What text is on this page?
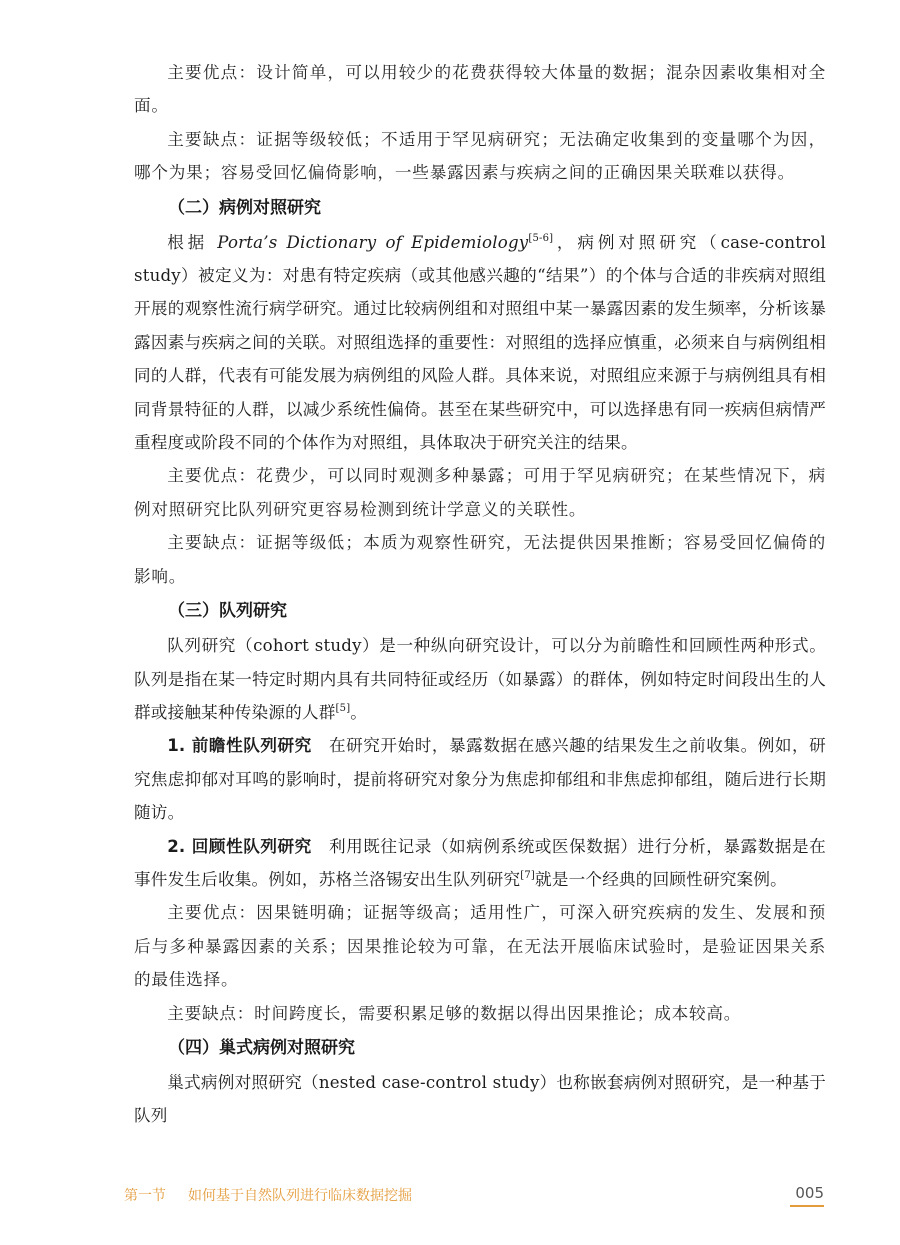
主要优点：设计简单，可以用较少的花费获得较大体量的数据；混杂因素收集相对全面。

主要缺点：证据等级较低；不适用于罕见病研究；无法确定收集到的变量哪个为因，哪个为果；容易受回忆偏倚影响，一些暴露因素与疾病之间的正确因果关联难以获得。

（二）病例对照研究

根据 Porta’s Dictionary of Epidemiology[5-6]，病例对照研究（case-control study）被定义为：对患有特定疾病（或其他感兴趣的“结果”）的个体与合适的非疾病对照组开展的观察性流行病学研究。通过比较病例组和对照组中某一暴露因素的发生频率，分析该暴露因素与疾病之间的关联。对照组选择的重要性：对照组的选择应慎重，必须来自与病例组相同的人群，代表有可能发展为病例组的风险人群。具体来说，对照组应来源于与病例组具有相同背景特征的人群，以减少系统性偏倚。甚至在某些研究中，可以选择患有同一疾病但病情严重程度或阶段不同的个体作为对照组，具体取决于研究关注的结果。

主要优点：花费少，可以同时观测多种暴露；可用于罕见病研究；在某些情况下，病例对照研究比队列研究更容易检测到统计学意义的关联性。

主要缺点：证据等级低；本质为观察性研究，无法提供因果推断；容易受回忆偏倚的影响。

（三）队列研究

队列研究（cohort study）是一种纵向研究设计，可以分为前瞻性和回顾性两种形式。队列是指在某一特定时期内具有共同特征或经历（如暴露）的群体，例如特定时间段出生的人群或接触某种传染源的人群[5]。

1. 前瞻性队列研究　 在研究开始时，暴露数据在感兴趣的结果发生之前收集。例如，研究焦虑抑郁对耳鸣的影响时，提前将研究对象分为焦虑抑郁组和非焦虑抑郁组，随后进行长期随访。

2. 回顾性队列研究　 利用既往记录（如病例系统或医保数据）进行分析，暴露数据是在事件发生后收集。例如，苏格兰洛锡安出生队列研究[7]就是一个经典的回顾性研究案例。

主要优点：因果链明确；证据等级高；适用性广，可深入研究疾病的发生、发展和预后与多种暴露因素的关系；因果推论较为可靠，在无法开展临床试验时，是验证因果关系的最佳选择。

主要缺点：时间跨度长，需要积累足够的数据以得出因果推论；成本较高。

（四）巢式病例对照研究

巢式病例对照研究（nested case-control study）也称嵌套病例对照研究，是一种基于队列

第一节 如何基于自然队列进行临床数据挖掘	005
